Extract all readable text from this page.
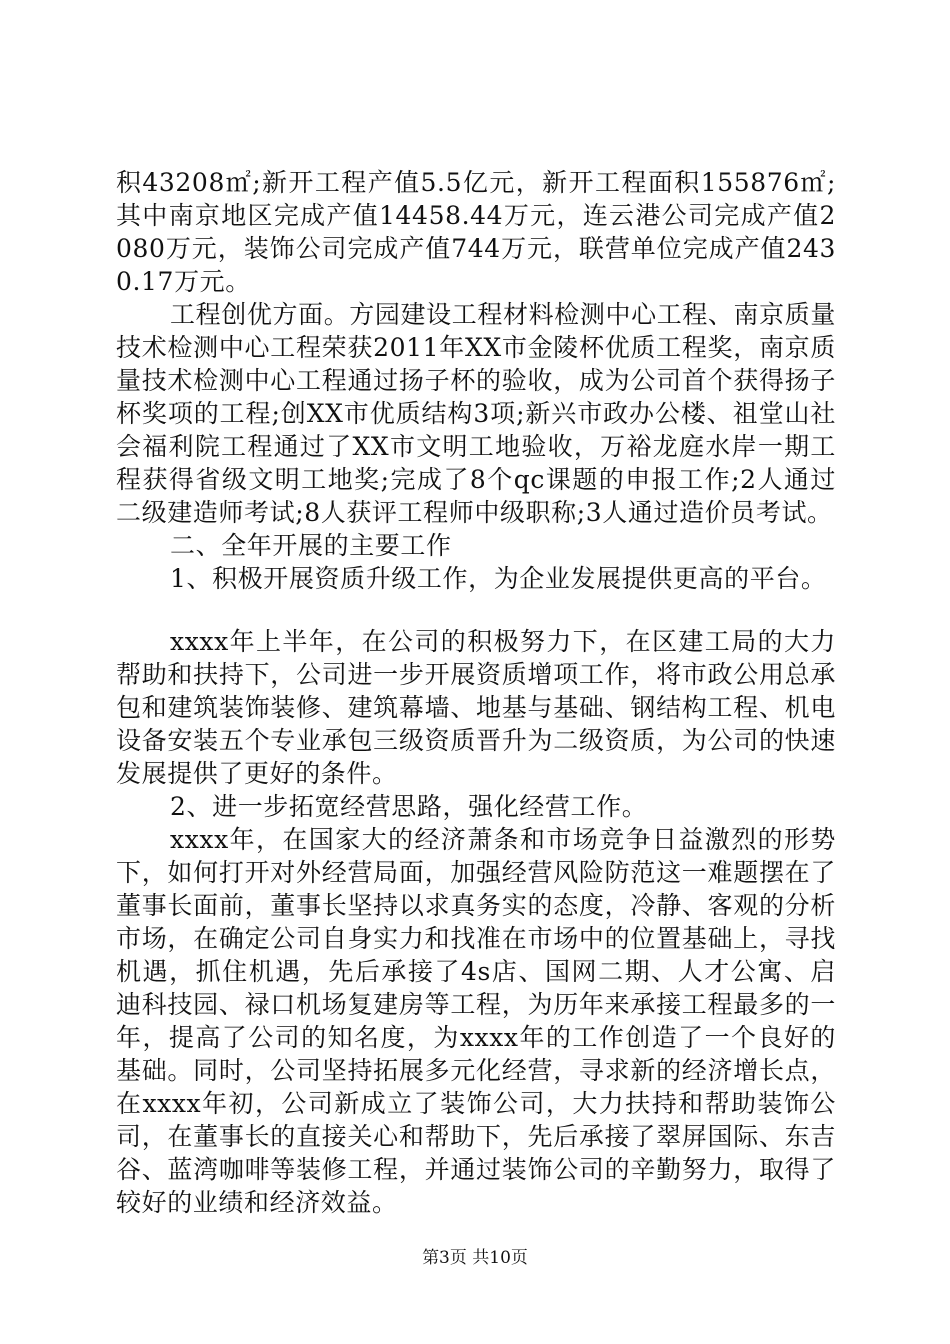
积43208㎡;新开工程产值5.5亿元，新开工程面积155876㎡;其中南京地区完成产值14458.44万元，连云港公司完成产值2080万元，装饰公司完成产值744万元，联营单位完成产值2430.17万元。

工程创优方面。方园建设工程材料检测中心工程、南京质量技术检测中心工程荣获2011年XX市金陵杯优质工程奖，南京质量技术检测中心工程通过扬子杯的验收，成为公司首个获得扬子杯奖项的工程;创XX市优质结构3项;新兴市政办公楼、祖堂山社会福利院工程通过了XX市文明工地验收，万裕龙庭水岸一期工程获得省级文明工地奖;完成了8个qc课题的申报工作;2人通过二级建造师考试;8人获评工程师中级职称;3人通过造价员考试。

二、全年开展的主要工作

1、积极开展资质升级工作，为企业发展提供更高的平台。

xxxx年上半年，在公司的积极努力下，在区建工局的大力帮助和扶持下，公司进一步开展资质增项工作，将市政公用总承包和建筑装饰装修、建筑幕墙、地基与基础、钢结构工程、机电设备安装五个专业承包三级资质晋升为二级资质，为公司的快速发展提供了更好的条件。

2、进一步拓宽经营思路，强化经营工作。

xxxx年，在国家大的经济萧条和市场竞争日益激烈的形势下，如何打开对外经营局面，加强经营风险防范这一难题摆在了董事长面前，董事长坚持以求真务实的态度，冷静、客观的分析市场，在确定公司自身实力和找准在市场中的位置基础上，寻找机遇，抓住机遇，先后承接了4s店、国网二期、人才公寓、启迪科技园、禄口机场复建房等工程，为历年来承接工程最多的一年，提高了公司的知名度，为xxxx年的工作创造了一个良好的基础。同时，公司坚持拓展多元化经营，寻求新的经济增长点，在xxxx年初，公司新成立了装饰公司，大力扶持和帮助装饰公司，在董事长的直接关心和帮助下，先后承接了翠屏国际、东吉谷、蓝湾咖啡等装修工程，并通过装饰公司的辛勤努力，取得了较好的业绩和经济效益。

第3页 共10页
